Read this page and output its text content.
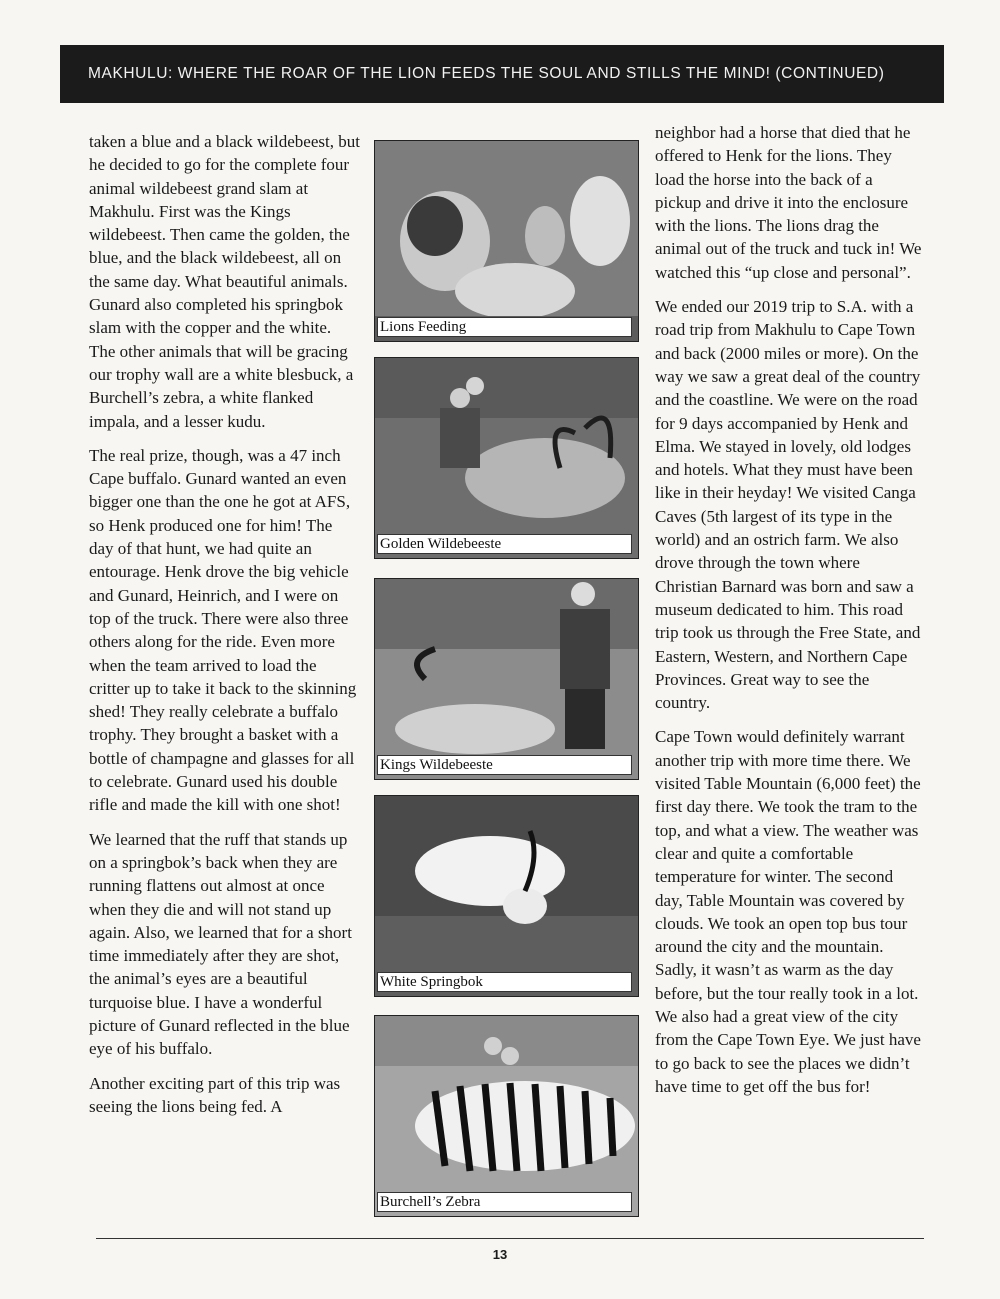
MAKHULU: WHERE THE ROAR OF THE LION FEEDS THE SOUL AND STILLS THE MIND! (CONTINUED)

taken a blue and a black wildebeest, but he decided to go for the complete four animal wildebeest grand slam at Makhulu. First was the Kings wildebeest. Then came the golden, the blue, and the black wildebeest, all on the same day. What beautiful animals. Gunard also completed his springbok slam with the copper and the white. The other animals that will be gracing our trophy wall are a white blesbuck, a Burchell’s zebra, a white flanked impala, and a lesser kudu.

The real prize, though, was a 47 inch Cape buffalo. Gunard wanted an even bigger one than the one he got at AFS, so Henk produced one for him! The day of that hunt, we had quite an entourage. Henk drove the big vehicle and Gunard, Heinrich, and I were on top of the truck. There were also three others along for the ride. Even more when the team arrived to load the critter up to take it back to the skinning shed! They really celebrate a buffalo trophy. They brought a basket with a bottle of champagne and glasses for all to celebrate. Gunard used his double rifle and made the kill with one shot!

We learned that the ruff that stands up on a springbok’s back when they are running flattens out almost at once when they die and will not stand up again. Also, we learned that for a short time immediately after they are shot, the animal’s eyes are a beautiful turquoise blue. I have a wonderful picture of Gunard reflected in the blue eye of his buffalo.

Another exciting part of this trip was seeing the lions being fed. A

Lions Feeding
Golden Wildebeeste
Kings Wildebeeste
White Springbok
Burchell’s Zebra

neighbor had a horse that died that he offered to Henk for the lions. They load the horse into the back of a pickup and drive it into the enclosure with the lions. The lions drag the animal out of the truck and tuck in! We watched this “up close and personal”.

We ended our 2019 trip to S.A. with a road trip from Makhulu to Cape Town and back (2000 miles or more). On the way we saw a great deal of the country and the coastline. We were on the road for 9 days accompanied by Henk and Elma. We stayed in lovely, old lodges and hotels. What they must have been like in their heyday! We visited Canga Caves (5th largest of its type in the world) and an ostrich farm. We also drove through the town where Christian Barnard was born and saw a museum dedicated to him. This road trip took us through the Free State, and Eastern, Western, and Northern Cape Provinces. Great way to see the country.

Cape Town would definitely warrant another trip with more time there. We visited Table Mountain (6,000 feet) the first day there. We took the tram to the top, and what a view. The weather was clear and quite a comfortable temperature for winter. The second day, Table Mountain was covered by clouds. We took an open top bus tour around the city and the mountain. Sadly, it wasn’t as warm as the day before, but the tour really took in a lot. We also had a great view of the city from the Cape Town Eye. We just have to go back to see the places we didn’t have time to get off the bus for!

13
